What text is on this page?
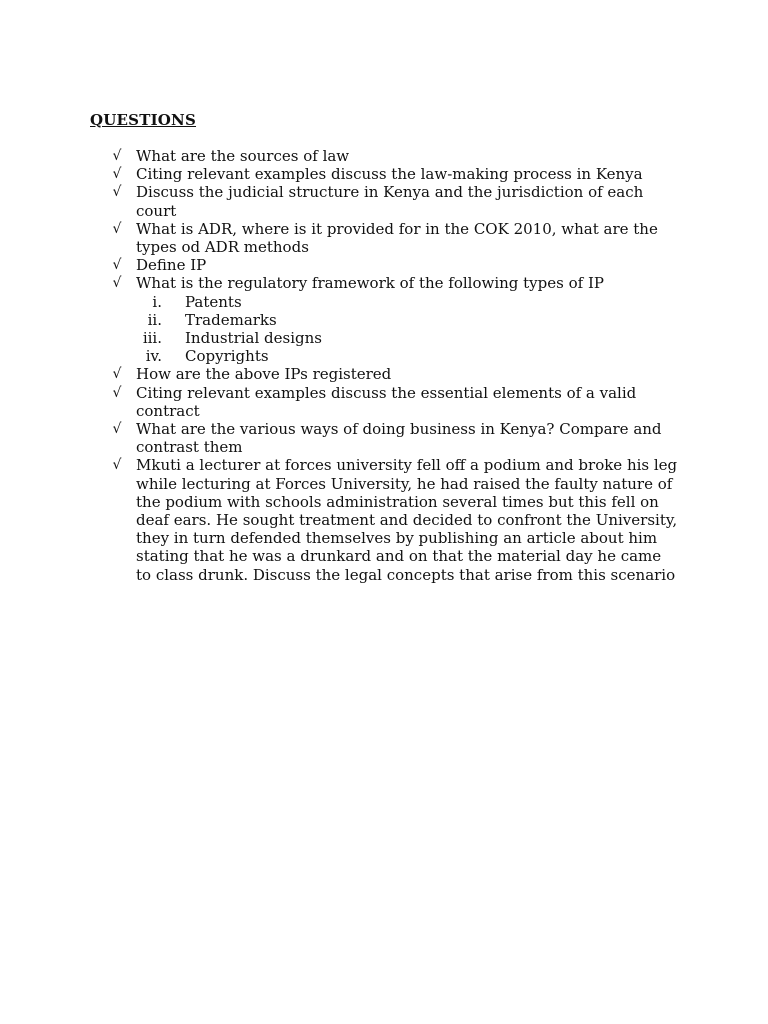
QUESTIONS
√ What are the sources of law
√ Citing relevant examples discuss the law-making process in Kenya
√ Discuss the judicial structure in Kenya and the jurisdiction of each court
√ What is ADR, where is it provided for in the COK 2010, what are the types od ADR methods
√ Define IP
√ What is the regulatory framework of the following types of IP
i. Patents
ii. Trademarks
iii. Industrial designs
iv. Copyrights
√ How are the above IPs registered
√ Citing relevant examples discuss the essential elements of a valid contract
√ What are the various ways of doing business in Kenya? Compare and contrast them
√ Mkuti a lecturer at forces university fell off a podium and broke his leg while lecturing at Forces University, he had raised the faulty nature of the podium with schools administration several times but this fell on deaf ears. He sought treatment and decided to confront the University, they in turn defended themselves by publishing an article about him stating that he was a drunkard and on that the material day he came to class drunk. Discuss the legal concepts that arise from this scenario
